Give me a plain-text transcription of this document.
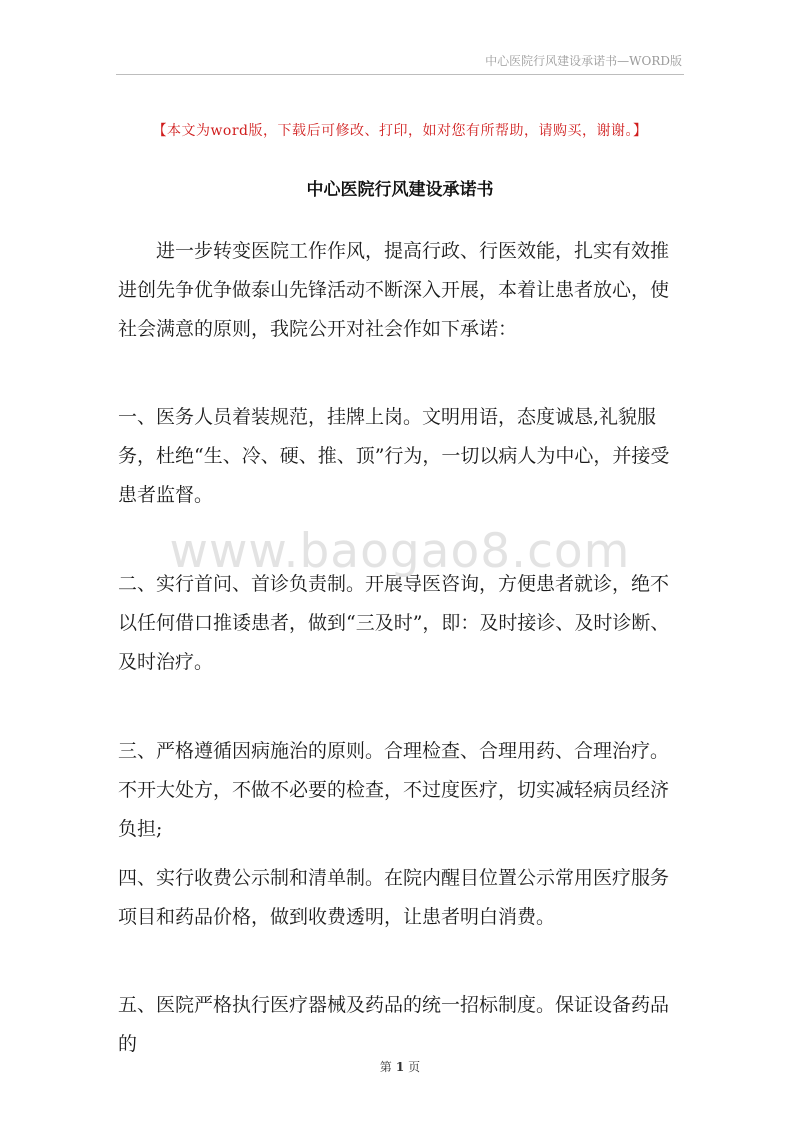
中心医院行风建设承诺书—WORD版
【本文为word版，下载后可修改、打印，如对您有所帮助，请购买，谢谢。】
中心医院行风建设承诺书

进一步转变医院工作作风，提高行政、行医效能，扎实有效推进创先争优争做泰山先锋活动不断深入开展，本着让患者放心，使社会满意的原则，我院公开对社会作如下承诺：

一、医务人员着装规范，挂牌上岗。文明用语，态度诚恳,礼貌服务，杜绝“生、冷、硬、推、顶”行为，一切以病人为中心，并接受患者监督。

二、实行首问、首诊负责制。开展导医咨询，方便患者就诊，绝不以任何借口推诿患者，做到“三及时”，即：及时接诊、及时诊断、及时治疗。

三、严格遵循因病施治的原则。合理检查、合理用药、合理治疗。不开大处方，不做不必要的检查，不过度医疗，切实减轻病员经济负担;

四、实行收费公示制和清单制。在院内醒目位置公示常用医疗服务项目和药品价格，做到收费透明，让患者明白消费。

五、医院严格执行医疗器械及药品的统一招标制度。保证设备药品的

www.baogao8.com
第 1 页
